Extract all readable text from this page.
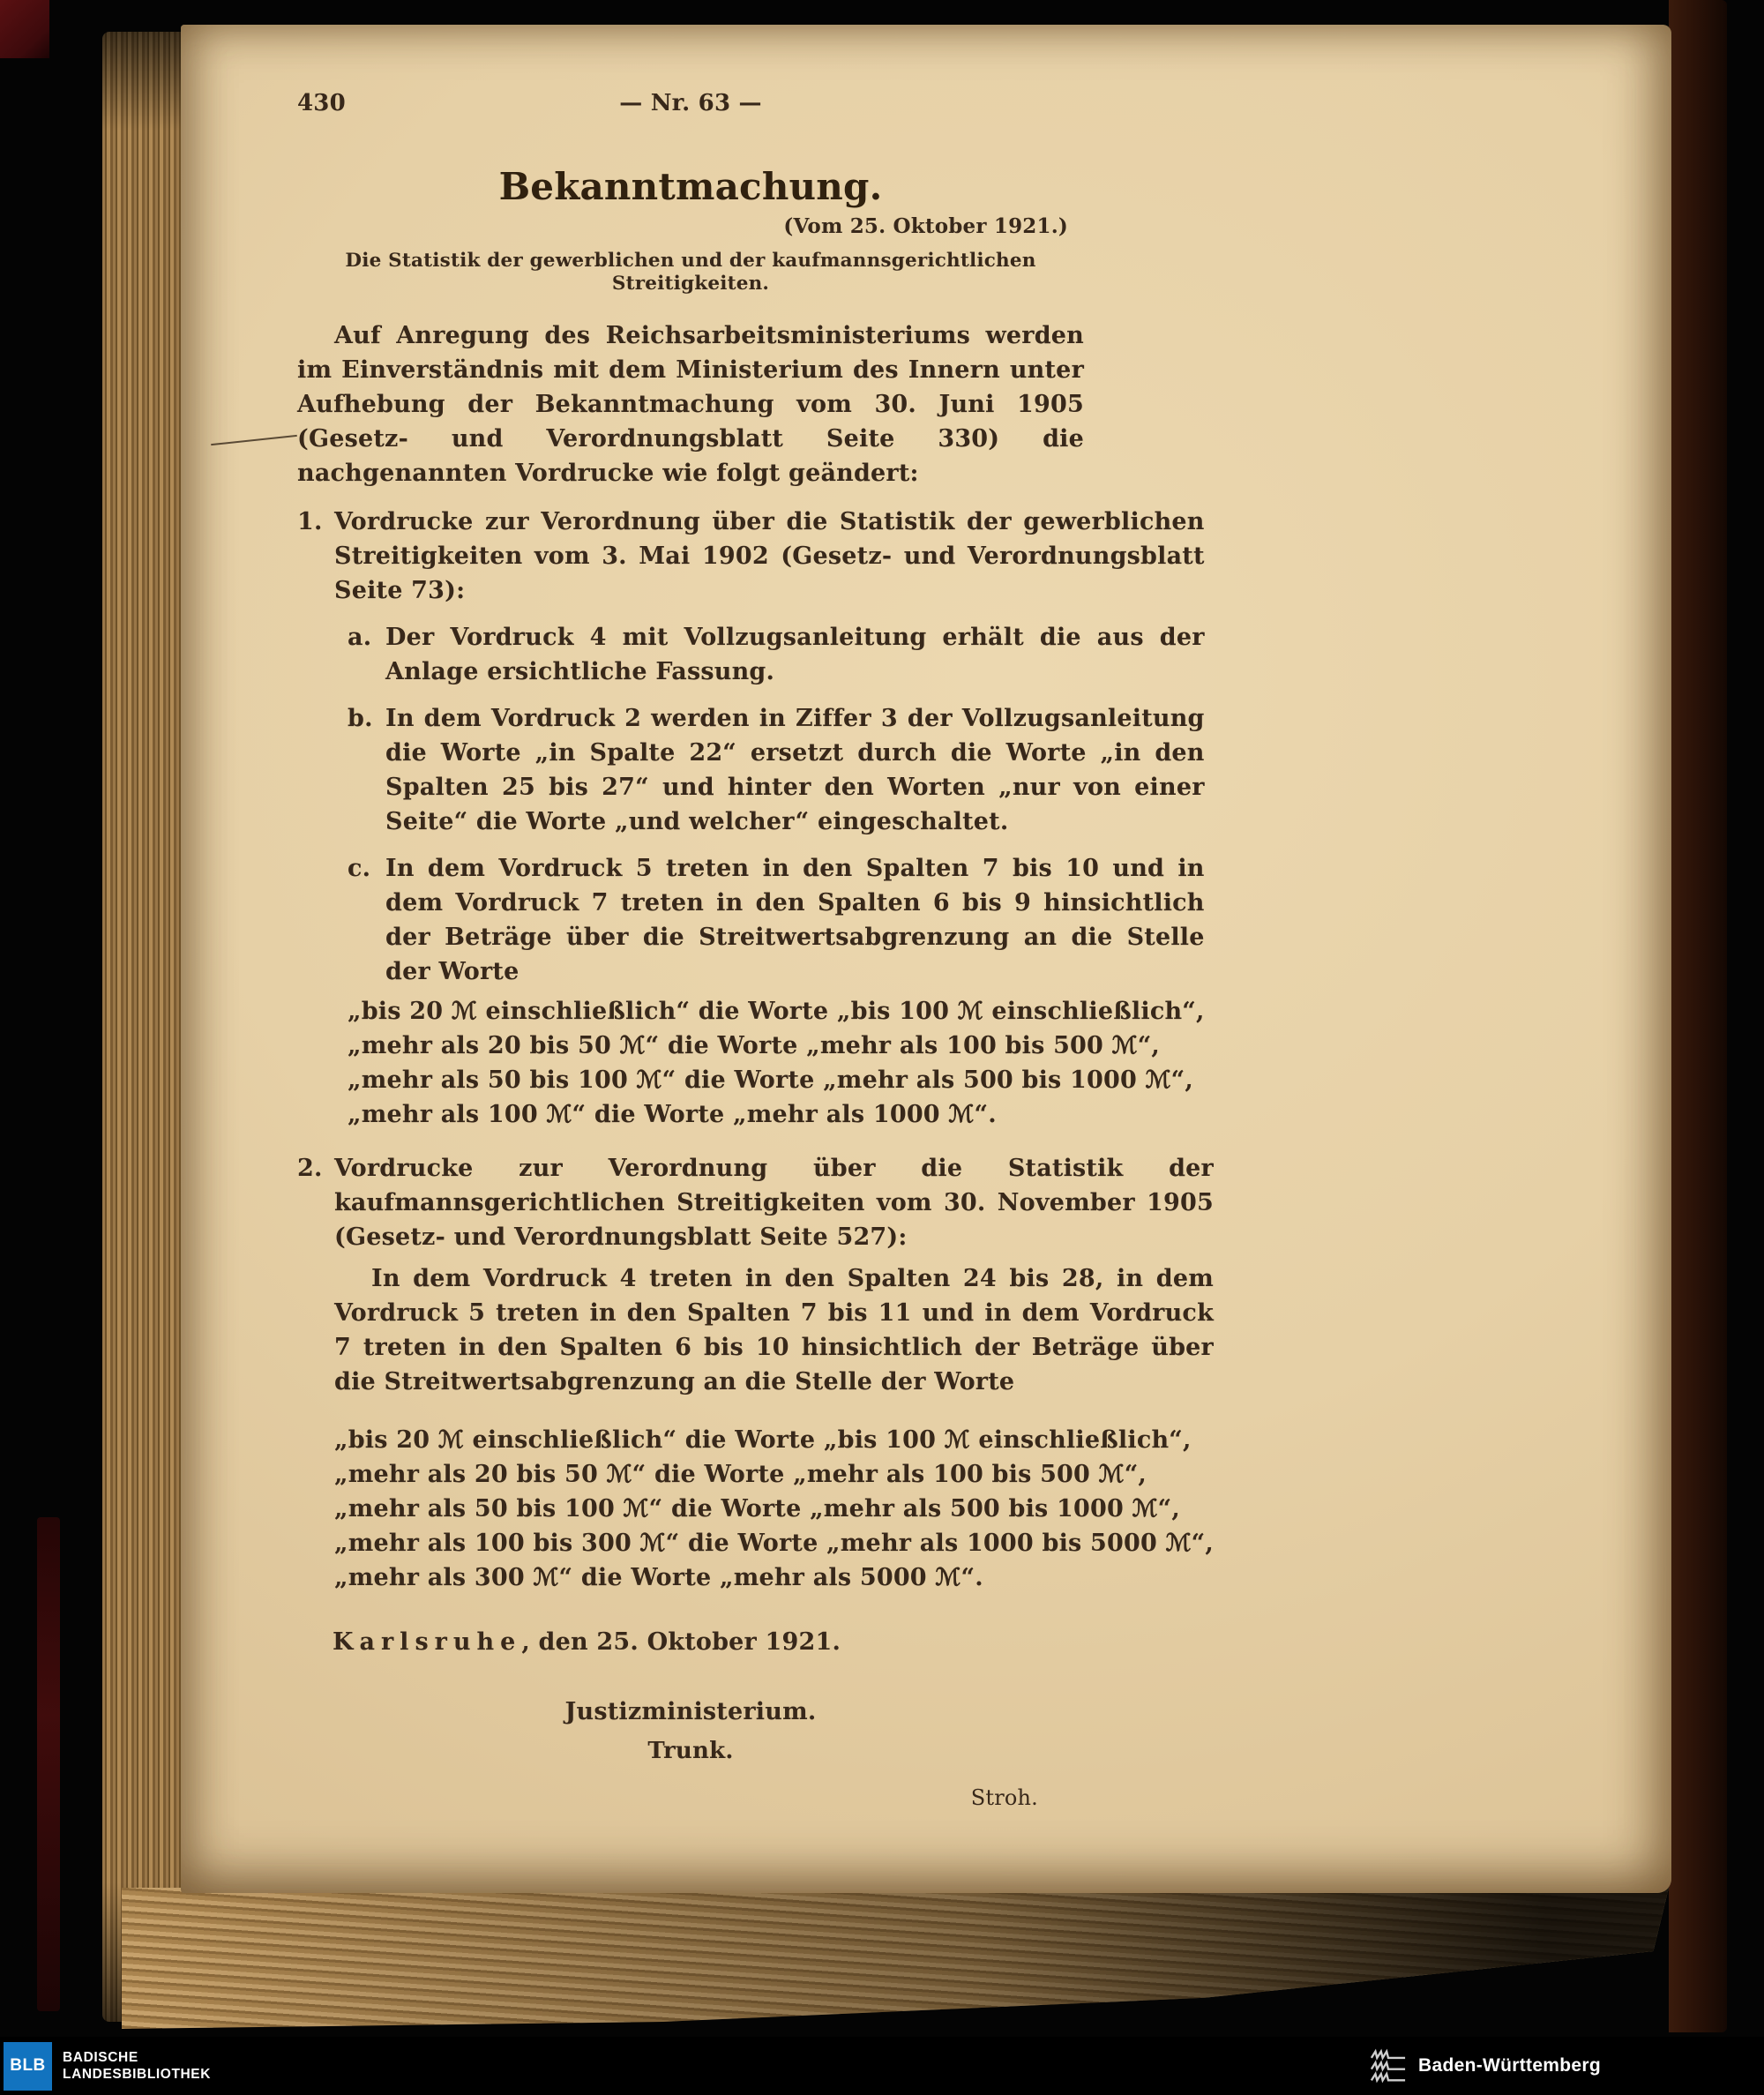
430	— Nr. 63 —
Bekanntmachung.
(Vom 25. Oktober 1921.)
Die Statistik der gewerblichen und der kaufmannsgerichtlichen Streitigkeiten.

Auf Anregung des Reichsarbeitsministeriums werden im Einverständnis mit dem Ministerium des Innern unter Aufhebung der Bekanntmachung vom 30. Juni 1905 (Gesetz- und Verordnungsblatt Seite 330) die nachgenannten Vordrucke wie folgt geändert:

1. Vordrucke zur Verordnung über die Statistik der gewerblichen Streitigkeiten vom 3. Mai 1902 (Gesetz- und Verordnungsblatt Seite 73):
a. Der Vordruck 4 mit Vollzugsanleitung erhält die aus der Anlage ersichtliche Fassung.
b. In dem Vordruck 2 werden in Ziffer 3 der Vollzugsanleitung die Worte „in Spalte 22“ ersetzt durch die Worte „in den Spalten 25 bis 27“ und hinter den Worten „nur von einer Seite“ die Worte „und welcher“ eingeschaltet.
c. In dem Vordruck 5 treten in den Spalten 7 bis 10 und in dem Vordruck 7 treten in den Spalten 6 bis 9 hinsichtlich der Beträge über die Streitwertsabgrenzung an die Stelle der Worte
„bis 20 ℳ einschließlich“ die Worte „bis 100 ℳ einschließlich“,
„mehr als 20 bis 50 ℳ“ die Worte „mehr als 100 bis 500 ℳ“,
„mehr als 50 bis 100 ℳ“ die Worte „mehr als 500 bis 1000 ℳ“,
„mehr als 100 ℳ“ die Worte „mehr als 1000 ℳ“.
2. Vordrucke zur Verordnung über die Statistik der kaufmannsgerichtlichen Streitigkeiten vom 30. November 1905 (Gesetz- und Verordnungsblatt Seite 527):

In dem Vordruck 4 treten in den Spalten 24 bis 28, in dem Vordruck 5 treten in den Spalten 7 bis 11 und in dem Vordruck 7 treten in den Spalten 6 bis 10 hinsichtlich der Beträge über die Streitwertsabgrenzung an die Stelle der Worte

„bis 20 ℳ einschließlich“ die Worte „bis 100 ℳ einschließlich“,
„mehr als 20 bis 50 ℳ“ die Worte „mehr als 100 bis 500 ℳ“,
„mehr als 50 bis 100 ℳ“ die Worte „mehr als 500 bis 1000 ℳ“,
„mehr als 100 bis 300 ℳ“ die Worte „mehr als 1000 bis 5000 ℳ“,
„mehr als 300 ℳ“ die Worte „mehr als 5000 ℳ“.
Karlsruhe, den 25. Oktober 1921.
Justizministerium.
Trunk.
Stroh.
BLB BADISCHE
LANDESBIBLIOTHEK	Baden-Württemberg
